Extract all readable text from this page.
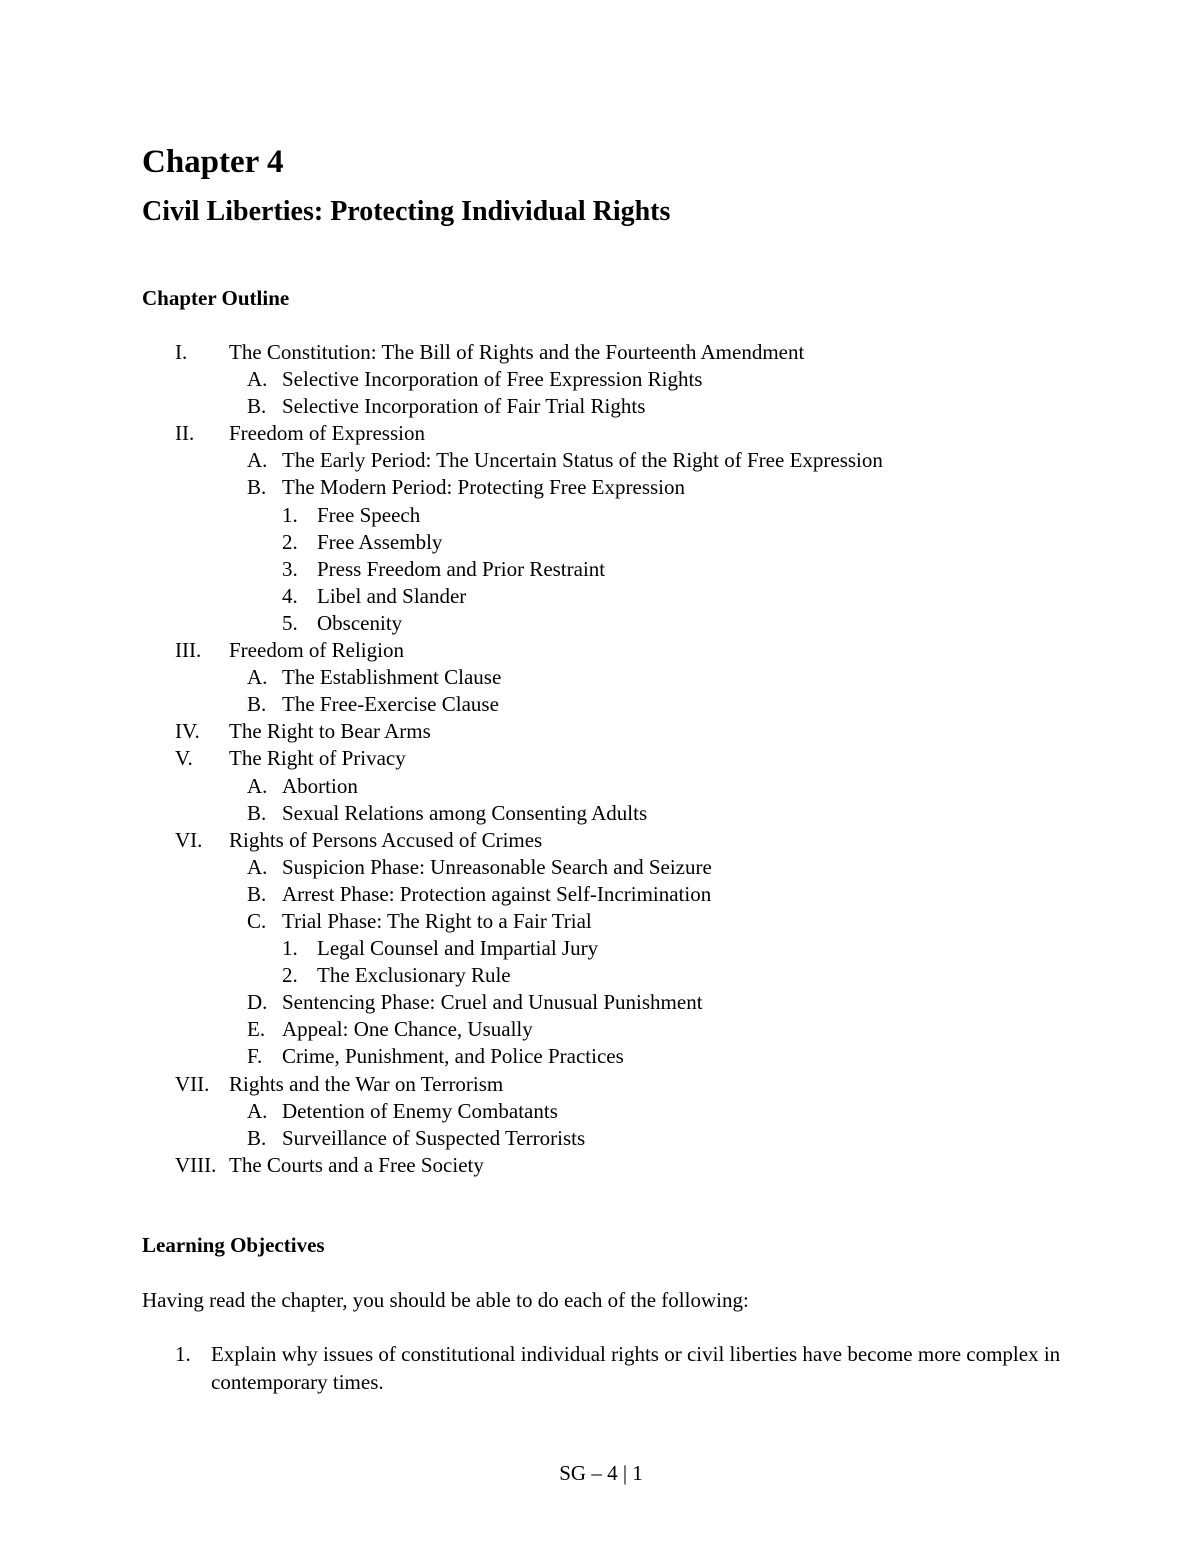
Chapter 4
Civil Liberties: Protecting Individual Rights
Chapter Outline
I. The Constitution: The Bill of Rights and the Fourteenth Amendment
A. Selective Incorporation of Free Expression Rights
B. Selective Incorporation of Fair Trial Rights
II. Freedom of Expression
A. The Early Period: The Uncertain Status of the Right of Free Expression
B. The Modern Period: Protecting Free Expression
1. Free Speech
2. Free Assembly
3. Press Freedom and Prior Restraint
4. Libel and Slander
5. Obscenity
III. Freedom of Religion
A. The Establishment Clause
B. The Free-Exercise Clause
IV. The Right to Bear Arms
V. The Right of Privacy
A. Abortion
B. Sexual Relations among Consenting Adults
VI. Rights of Persons Accused of Crimes
A. Suspicion Phase: Unreasonable Search and Seizure
B. Arrest Phase: Protection against Self-Incrimination
C. Trial Phase: The Right to a Fair Trial
1. Legal Counsel and Impartial Jury
2. The Exclusionary Rule
D. Sentencing Phase: Cruel and Unusual Punishment
E. Appeal: One Chance, Usually
F. Crime, Punishment, and Police Practices
VII. Rights and the War on Terrorism
A. Detention of Enemy Combatants
B. Surveillance of Suspected Terrorists
VIII. The Courts and a Free Society
Learning Objectives

Having read the chapter, you should be able to do each of the following:

1. Explain why issues of constitutional individual rights or civil liberties have become more complex in contemporary times.
SG – 4 | 1
